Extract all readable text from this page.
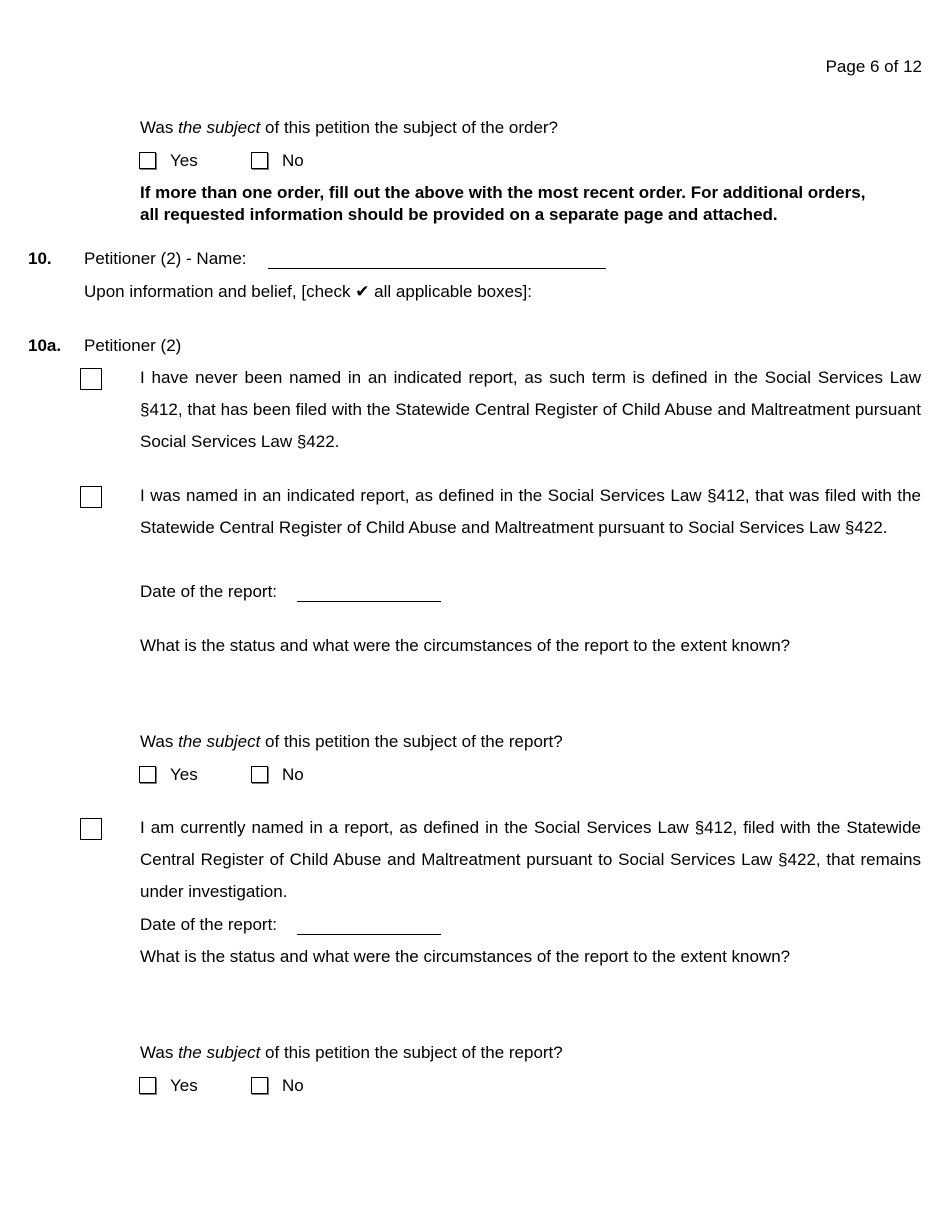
Page 6 of 12
Was the subject of this petition the subject of the order?
Yes	No
If more than one order, fill out the above with the most recent order. For additional orders,
all requested information should be provided on a separate page and attached.
10. Petitioner (2) - Name:
Upon information and belief, [check ✔ all applicable boxes]:
10a. Petitioner (2)
I have never been named in an indicated report, as such term is defined in the Social Services Law §412, that has been filed with the Statewide Central Register of Child Abuse and Maltreatment pursuant Social Services Law §422.
I was named in an indicated report, as defined in the Social Services Law §412, that was filed with the Statewide Central Register of Child Abuse and Maltreatment pursuant to Social Services Law §422.
Date of the report:
What is the status and what were the circumstances of the report to the extent known?
Was the subject of this petition the subject of the report?
Yes	No
I am currently named in a report, as defined in the Social Services Law §412, filed with the Statewide Central Register of Child Abuse and Maltreatment pursuant to Social Services Law §422, that remains under investigation.
Date of the report:
What is the status and what were the circumstances of the report to the extent known?
Was the subject of this petition the subject of the report?
Yes	No
